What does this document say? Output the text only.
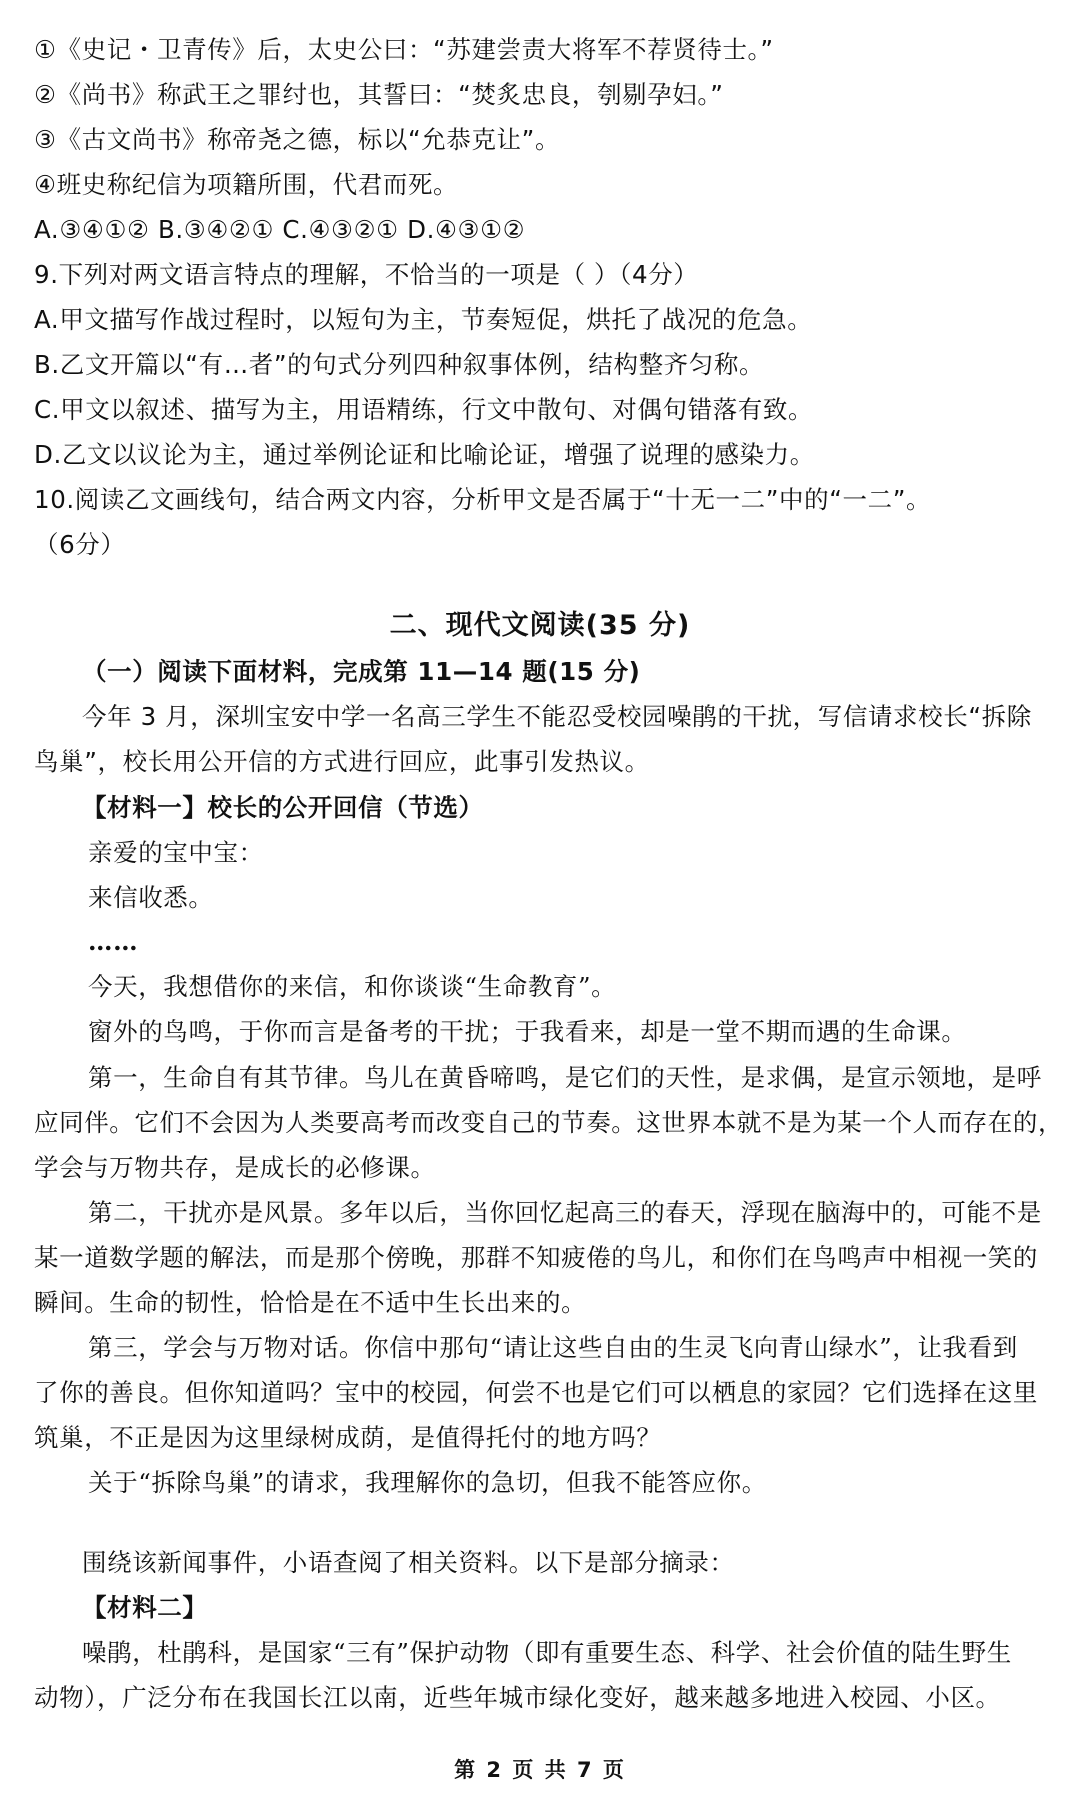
①《史记・卫青传》后，太史公曰：“苏建尝责大将军不荐贤待士。”
②《尚书》称武王之罪纣也，其誓曰：“焚炙忠良，刳剔孕妇。”
③《古文尚书》称帝尧之德，标以“允恭克让”。
④班史称纪信为项籍所围，代君而死。
A.③④①② B.③④②① C.④③②① D.④③①②
9.下列对两文语言特点的理解，不恰当的一项是（ ）（4分）
A.甲文描写作战过程时，以短句为主，节奏短促，烘托了战况的危急。
B.乙文开篇以“有…者”的句式分列四种叙事体例，结构整齐匀称。
C.甲文以叙述、描写为主，用语精练，行文中散句、对偶句错落有致。
D.乙文以议论为主，通过举例论证和比喻论证，增强了说理的感染力。
10.阅读乙文画线句，结合两文内容，分析甲文是否属于“十无一二”中的“一二”。
（6分）
二、现代文阅读(35 分)
（一）阅读下面材料，完成第 11—14 题(15 分)
今年 3 月，深圳宝安中学一名高三学生不能忍受校园噪鹃的干扰，写信请求校长“拆除
鸟巢”，校长用公开信的方式进行回应，此事引发热议。
【材料一】校长的公开回信（节选）
亲爱的宝中宝：
来信收悉。
……
今天，我想借你的来信，和你谈谈“生命教育”。
窗外的鸟鸣，于你而言是备考的干扰；于我看来，却是一堂不期而遇的生命课。
第一，生命自有其节律。鸟儿在黄昏啼鸣，是它们的天性，是求偶，是宣示领地，是呼
应同伴。它们不会因为人类要高考而改变自己的节奏。这世界本就不是为某一个人而存在的，
学会与万物共存，是成长的必修课。
第二，干扰亦是风景。多年以后，当你回忆起高三的春天，浮现在脑海中的，可能不是
某一道数学题的解法，而是那个傍晚，那群不知疲倦的鸟儿，和你们在鸟鸣声中相视一笑的
瞬间。生命的韧性，恰恰是在不适中生长出来的。
第三，学会与万物对话。你信中那句“请让这些自由的生灵飞向青山绿水”，让我看到
了你的善良。但你知道吗？宝中的校园，何尝不也是它们可以栖息的家园？它们选择在这里
筑巢，不正是因为这里绿树成荫，是值得托付的地方吗？
关于“拆除鸟巢”的请求，我理解你的急切，但我不能答应你。
围绕该新闻事件，小语查阅了相关资料。以下是部分摘录：
【材料二】
噪鹃，杜鹃科，是国家“三有”保护动物（即有重要生态、科学、社会价值的陆生野生
动物），广泛分布在我国长江以南，近些年城市绿化变好，越来越多地进入校园、小区。
第 2 页 共 7 页
